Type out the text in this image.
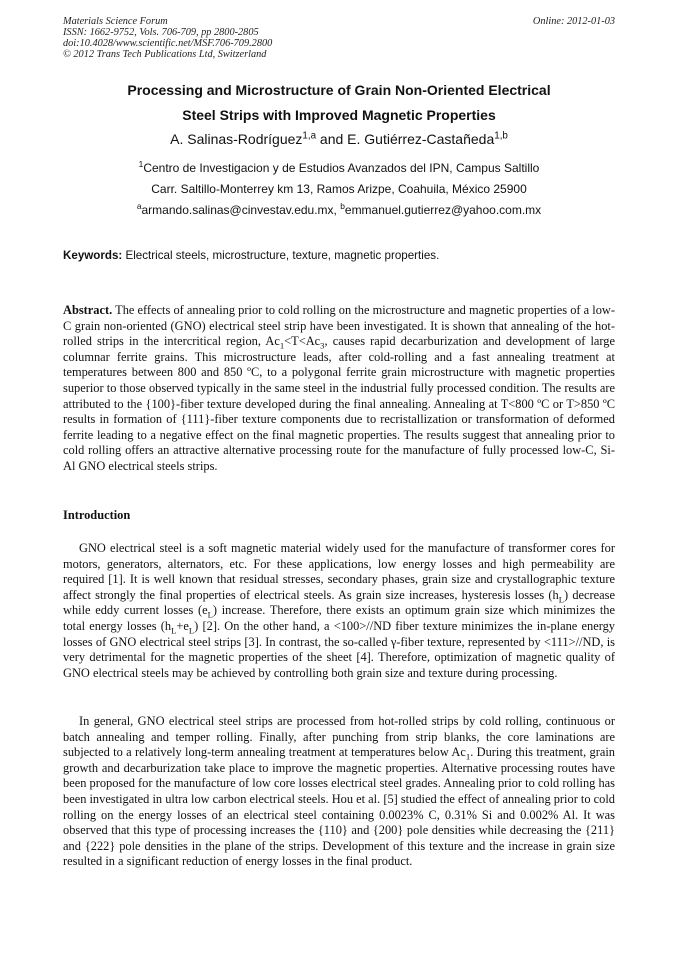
Materials Science Forum	Online: 2012-01-03
ISSN: 1662-9752, Vols. 706-709, pp 2800-2805
doi:10.4028/www.scientific.net/MSF.706-709.2800
© 2012 Trans Tech Publications Ltd, Switzerland
Processing and Microstructure of Grain Non-Oriented Electrical
Steel Strips with Improved Magnetic Properties
A. Salinas-Rodríguez$^{1,a}$ and E. Gutiérrez-Castañeda$^{1,b}$
$^1$Centro de Investigacion y de Estudios Avanzados del IPN, Campus Saltillo
Carr. Saltillo-Monterrey km 13, Ramos Arizpe, Coahuila, México 25900
$^a$armando.salinas@cinvestav.edu.mx, $^b$emmanuel.gutierrez@yahoo.com.mx
Keywords: Electrical steels, microstructure, texture, magnetic properties.
Abstract. The effects of annealing prior to cold rolling on the microstructure and magnetic properties of a low-C grain non-oriented (GNO) electrical steel strip have been investigated. It is shown that annealing of the hot-rolled strips in the intercritical region, $Ac_1<T<Ac_3$, causes rapid decarburization and development of large columnar ferrite grains. This microstructure leads, after cold-rolling and a fast annealing treatment at temperatures between 800 and 850 ºC, to a polygonal ferrite grain microstructure with magnetic properties superior to those observed typically in the same steel in the industrial fully processed condition. The results are attributed to the {100}-fiber texture developed during the final annealing. Annealing at T<800 ºC or T>850 ºC results in formation of {111}-fiber texture components due to recristallization or transformation of deformed ferrite leading to a negative effect on the final magnetic properties. The results suggest that annealing prior to cold rolling offers an attractive alternative processing route for the manufacture of fully processed low-C, Si-Al GNO electrical steels strips.
Introduction
GNO electrical steel is a soft magnetic material widely used for the manufacture of transformer cores for motors, generators, alternators, etc. For these applications, low energy losses and high permeability are required [1]. It is well known that residual stresses, secondary phases, grain size and crystallographic texture affect strongly the final properties of electrical steels. As grain size increases, hysteresis losses $(h_L)$ decrease while eddy current losses $(e_L)$ increase. Therefore, there exists an optimum grain size which minimizes the total energy losses $(h_L+e_L)$ [2]. On the other hand, a <100>//ND fiber texture minimizes the in-plane energy losses of GNO electrical steel strips [3]. In contrast, the so-called γ-fiber texture, represented by <111>//ND, is very detrimental for the magnetic properties of the sheet [4]. Therefore, optimization of magnetic quality of GNO electrical steels may be achieved by controlling both grain size and texture during processing.
In general, GNO electrical steel strips are processed from hot-rolled strips by cold rolling, continuous or batch annealing and temper rolling. Finally, after punching from strip blanks, the core laminations are subjected to a relatively long-term annealing treatment at temperatures below $Ac_1$. During this treatment, grain growth and decarburization take place to improve the magnetic properties. Alternative processing routes have been proposed for the manufacture of low core losses electrical steel grades. Annealing prior to cold rolling has been investigated in ultra low carbon electrical steels. Hou et al. [5] studied the effect of annealing prior to cold rolling on the energy losses of an electrical steel containing 0.0023% C, 0.31% Si and 0.002% Al. It was observed that this type of processing increases the {110} and {200} pole densities while decreasing the {211} and {222} pole densities in the plane of the strips. Development of this texture and the increase in grain size resulted in a significant reduction of energy losses in the final product.
